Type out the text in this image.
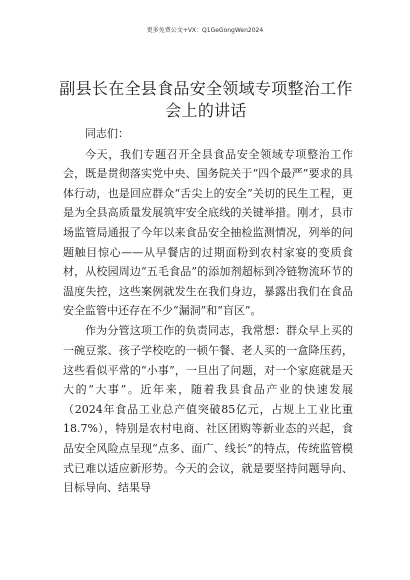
更多免费公文+VX：Q1GeGongWen2024
副县长在全县食品安全领域专项整治工作会上的讲话

同志们：

今天，我们专题召开全县食品安全领域专项整治工作会，既是贯彻落实党中央、国务院关于“四个最严”要求的具体行动，也是回应群众“舌尖上的安全”关切的民生工程，更是为全县高质量发展筑牢安全底线的关键举措。刚才，县市场监管局通报了今年以来食品安全抽检监测情况，列举的问题触目惊心——从早餐店的过期面粉到农村家宴的变质食材，从校园周边“五毛食品”的添加剂超标到冷链物流环节的温度失控，这些案例就发生在我们身边，暴露出我们在食品安全监管中还存在不少“漏洞”和“盲区”。

作为分管这项工作的负责同志，我常想：群众早上买的一碗豆浆、孩子学校吃的一顿午餐、老人买的一盒降压药，这些看似平常的“小事”，一旦出了问题，对一个家庭就是天大的“大事”。近年来，随着我县食品产业的快速发展（2024年食品工业总产值突破85亿元，占规上工业比重18.7%），特别是农村电商、社区团购等新业态的兴起，食品安全风险点呈现“点多、面广、线长”的特点，传统监管模式已难以适应新形势。今天的会议，就是要坚持问题导向、目标导向、结果导
